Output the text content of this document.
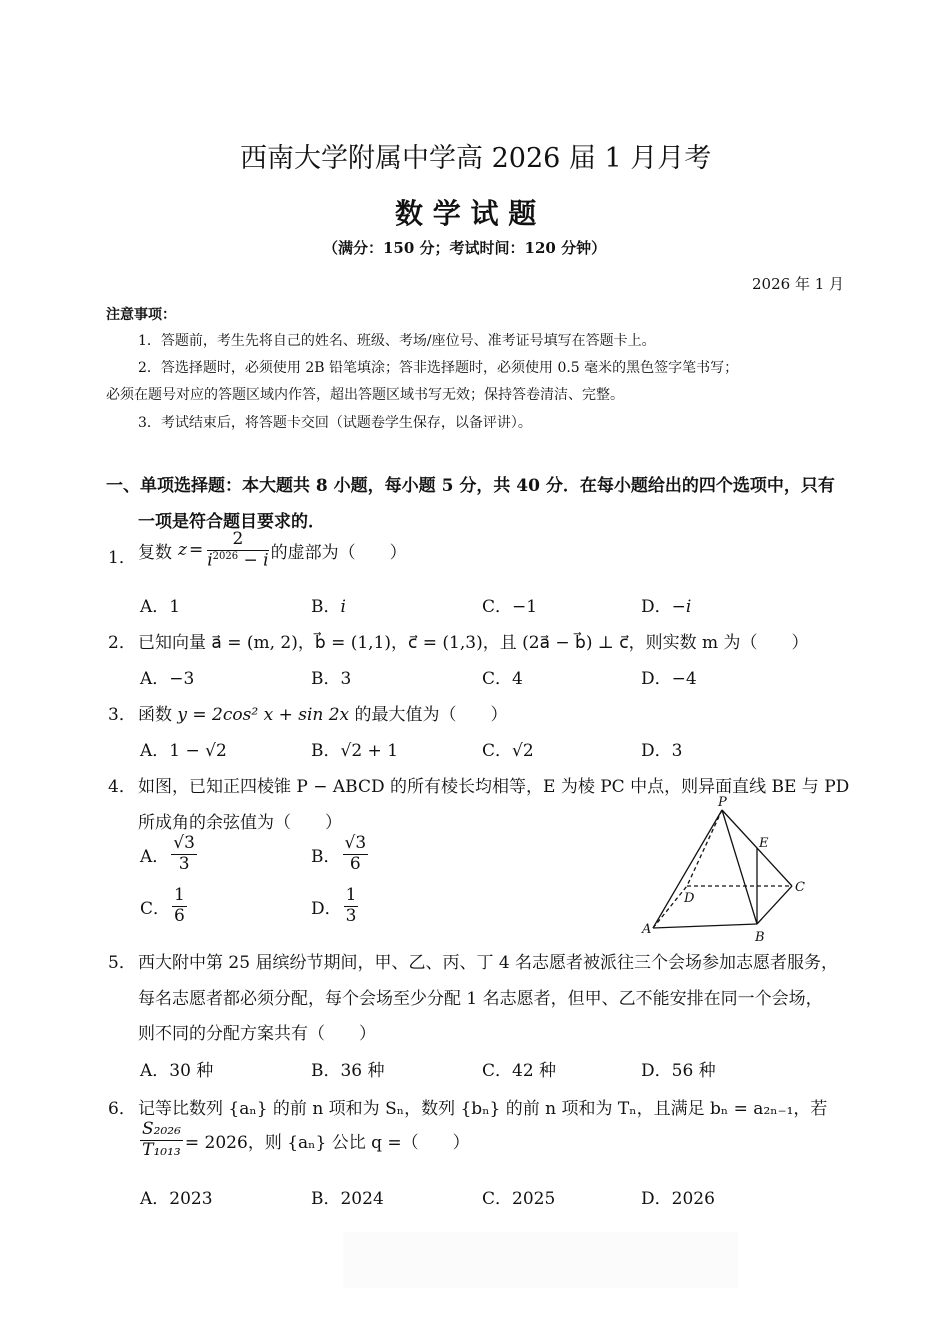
西南大学附属中学高 2026 届 1 月月考
数 学 试 题
（满分：150 分；考试时间：120 分钟）
2026 年 1 月
注意事项：
1．答题前，考生先将自己的姓名、班级、考场/座位号、准考证号填写在答题卡上。
2．答选择题时，必须使用 2B 铅笔填涂；答非选择题时，必须使用 0.5 毫米的黑色签字笔书写；
必须在题号对应的答题区域内作答，超出答题区域书写无效；保持答卷清洁、完整。
3．考试结束后，将答题卡交回（试题卷学生保存，以备评讲）。
一、单项选择题：本大题共 8 小题，每小题 5 分，共 40 分．在每小题给出的四个选项中，只有
一项是符合题目要求的．
1． 复数 $z = \frac{2}{i^{2026} - i}$ 的虚部为（　　）
A．1	B．i	C．−1	D．−i
2． 已知向量 a⃗ = (m, 2)，b⃗ = (1,1)，c⃗ = (1,3)，且 (2a⃗ − b⃗) ⊥ c⃗，则实数 m 为（　　）
A．−3	B．3	C．4	D．−4
3． 函数 y = 2cos² x + sin 2x 的最大值为（　　）
A．1 − √2	B．√2 + 1	C．√2	D．3
4． 如图，已知正四棱锥 P − ABCD 的所有棱长均相等，E 为棱 PC 中点，则异面直线 BE 与 PD
所成角的余弦值为（　　）
A． $\frac{√3}{3}$	B． $\frac{√3}{6}$
C． $\frac{1}{6}$	D． $\frac{1}{3}$
P
E
D
C
A
B
5． 西大附中第 25 届缤纷节期间，甲、乙、丙、丁 4 名志愿者被派往三个会场参加志愿者服务，
每名志愿者都必须分配，每个会场至少分配 1 名志愿者，但甲、乙不能安排在同一个会场，
则不同的分配方案共有（　　）
A．30 种	B．36 种	C．42 种	D．56 种
6． 记等比数列 {aₙ} 的前 n 项和为 Sₙ，数列 {bₙ} 的前 n 项和为 Tₙ，且满足 bₙ = a₂ₙ₋₁，若
$\frac{\text{S₂₀₂₆}}{\text{T₁₀₁₃}} = 2026$，则 {aₙ} 公比 q =（　　）
A．2023	B．2024	C．2025	D．2026
